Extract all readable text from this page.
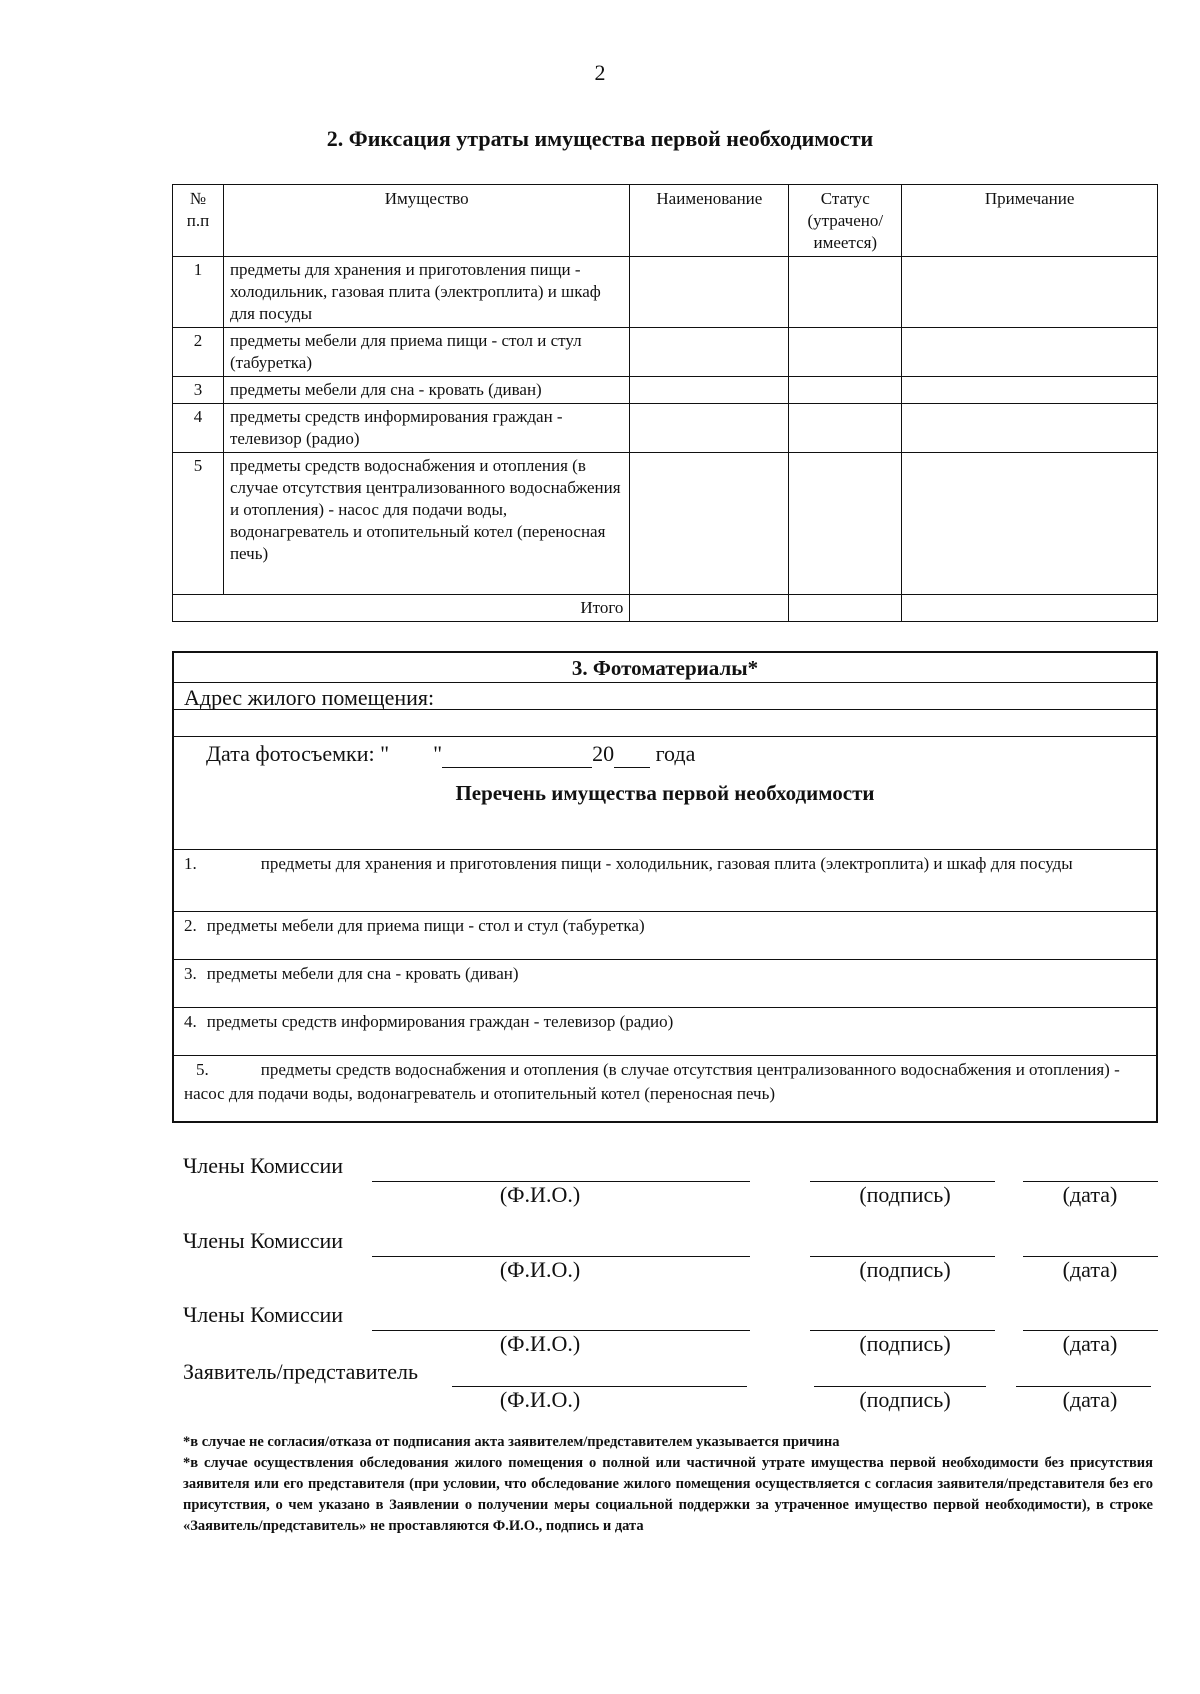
2
2. Фиксация утраты имущества первой необходимости
№ п.п	Имущество	Наименование	Статус (утрачено/ имеется)	Примечание
1	предметы для хранения и приготовления пищи - холодильник, газовая плита (электроплита) и шкаф для посуды			
2	предметы мебели для приема пищи - стол и стул (табуретка)			
3	предметы мебели для сна - кровать (диван)			
4	предметы средств информирования граждан - телевизор (радио)			
5	предметы средств водоснабжения и отопления (в случае отсутствия централизованного водоснабжения и отопления) - насос для подачи воды, водонагреватель и отопительный котел (переносная печь)			
Итого				
3. Фотоматериалы*
Адрес жилого помещения:

Дата фотосъемки: "        "	20 года

Перечень имущества первой необходимости
1.	предметы для хранения и приготовления пищи - холодильник, газовая плита (электроплита) и шкаф для посуды
2. предметы мебели для приема пищи - стол и стул (табуретка)
3. предметы мебели для сна - кровать (диван)
4. предметы средств информирования граждан - телевизор (радио)
5.	предметы средств водоснабжения и отопления (в случае отсутствия централизованного водоснабжения и отопления) - насос для подачи воды, водонагреватель и отопительный котел (переносная печь)
Члены Комиссии
(Ф.И.О.)	(подпись)	(дата)
Члены Комиссии
(Ф.И.О.)	(подпись)	(дата)
Члены Комиссии
(Ф.И.О.)	(подпись)	(дата)
Заявитель/представитель
(Ф.И.О.)	(подпись)	(дата)

*в случае не согласия/отказа от подписания акта заявителем/представителем указывается причина

*в случае осуществления обследования жилого помещения о полной или частичной утрате имущества первой необходимости без присутствия заявителя или его представителя (при условии, что обследование жилого помещения осуществляется с согласия заявителя/представителя без его присутствия, о чем указано в Заявлении о получении меры социальной поддержки за утраченное имущество первой необходимости), в строке «Заявитель/представитель» не проставляются Ф.И.О., подпись и дата
